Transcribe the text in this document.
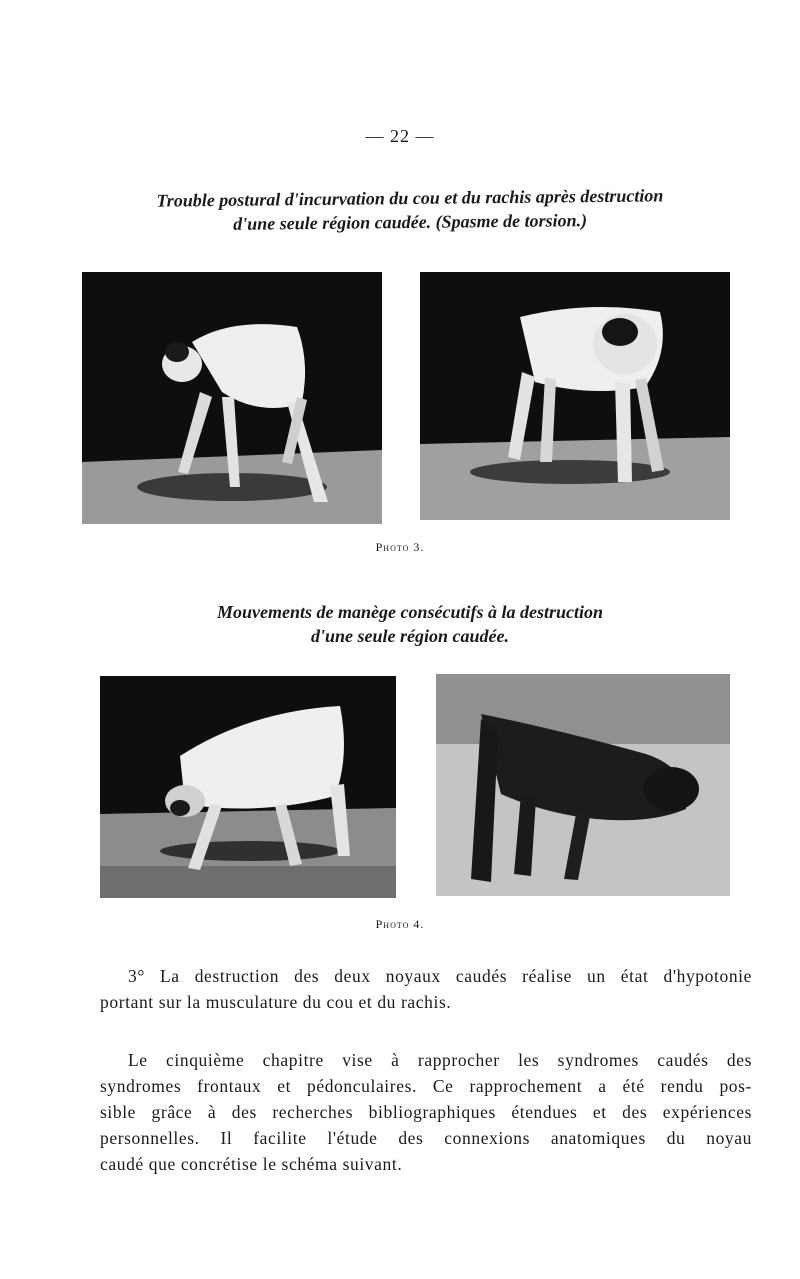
— 22 —
Trouble postural d'incurvation du cou et du rachis après destruction
d'une seule région caudée. (Spasme de torsion.)
Photo 3.
Mouvements de manège consécutifs à la destruction
d'une seule région caudée.
Photo 4.
3° La destruction des deux noyaux caudés réalise un état d'hypotonie
portant sur la musculature du cou et du rachis.
Le cinquième chapitre vise à rapprocher les syndromes caudés des
syndromes frontaux et pédonculaires. Ce rapprochement a été rendu pos-
sible grâce à des recherches bibliographiques étendues et des expériences
personnelles. Il facilite l'étude des connexions anatomiques du noyau
caudé que concrétise le schéma suivant.
